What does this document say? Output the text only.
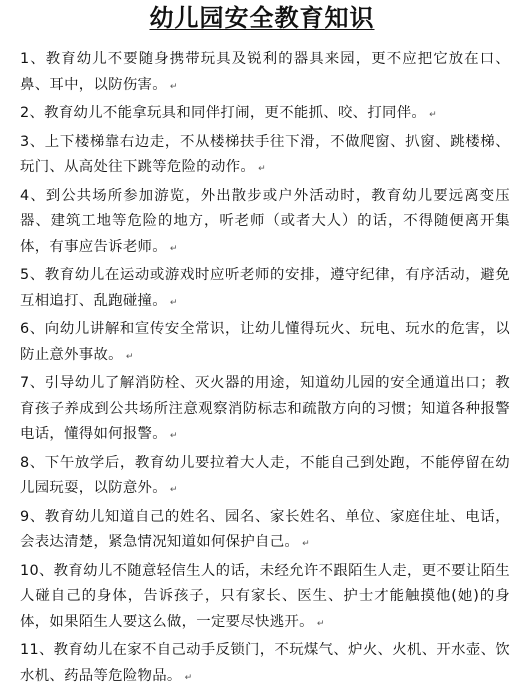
幼儿园安全教育知识
1、教育幼儿不要随身携带玩具及锐利的器具来园，更不应把它放在口、鼻、耳中，以防伤害。 ↵
2、教育幼儿不能拿玩具和同伴打闹，更不能抓、咬、打同伴。 ↵
3、上下楼梯靠右边走，不从楼梯扶手往下滑，不做爬窗、扒窗、跳楼梯、玩门、从高处往下跳等危险的动作。 ↵
4、到公共场所参加游览，外出散步或户外活动时，教育幼儿要远离变压器、建筑工地等危险的地方，听老师（或者大人）的话，不得随便离开集体，有事应告诉老师。 ↵
5、教育幼儿在运动或游戏时应听老师的安排，遵守纪律，有序活动，避免互相追打、乱跑碰撞。 ↵
6、向幼儿讲解和宣传安全常识，让幼儿懂得玩火、玩电、玩水的危害，以防止意外事故。 ↵
7、引导幼儿了解消防栓、灭火器的用途，知道幼儿园的安全通道出口；教育孩子养成到公共场所注意观察消防标志和疏散方向的习惯；知道各种报警电话，懂得如何报警。 ↵
8、下午放学后，教育幼儿要拉着大人走，不能自己到处跑，不能停留在幼儿园玩耍，以防意外。 ↵
9、教育幼儿知道自己的姓名、园名、家长姓名、单位、家庭住址、电话，会表达清楚，紧急情况知道如何保护自己。 ↵
10、教育幼儿不随意轻信生人的话，未经允许不跟陌生人走，更不要让陌生人碰自己的身体，告诉孩子，只有家长、医生、护士才能触摸他(她)的身体，如果陌生人要这么做，一定要尽快逃开。 ↵
11、教育幼儿在家不自己动手反锁门，不玩煤气、炉火、火机、开水壶、饮水机、药品等危险物品。 ↵
